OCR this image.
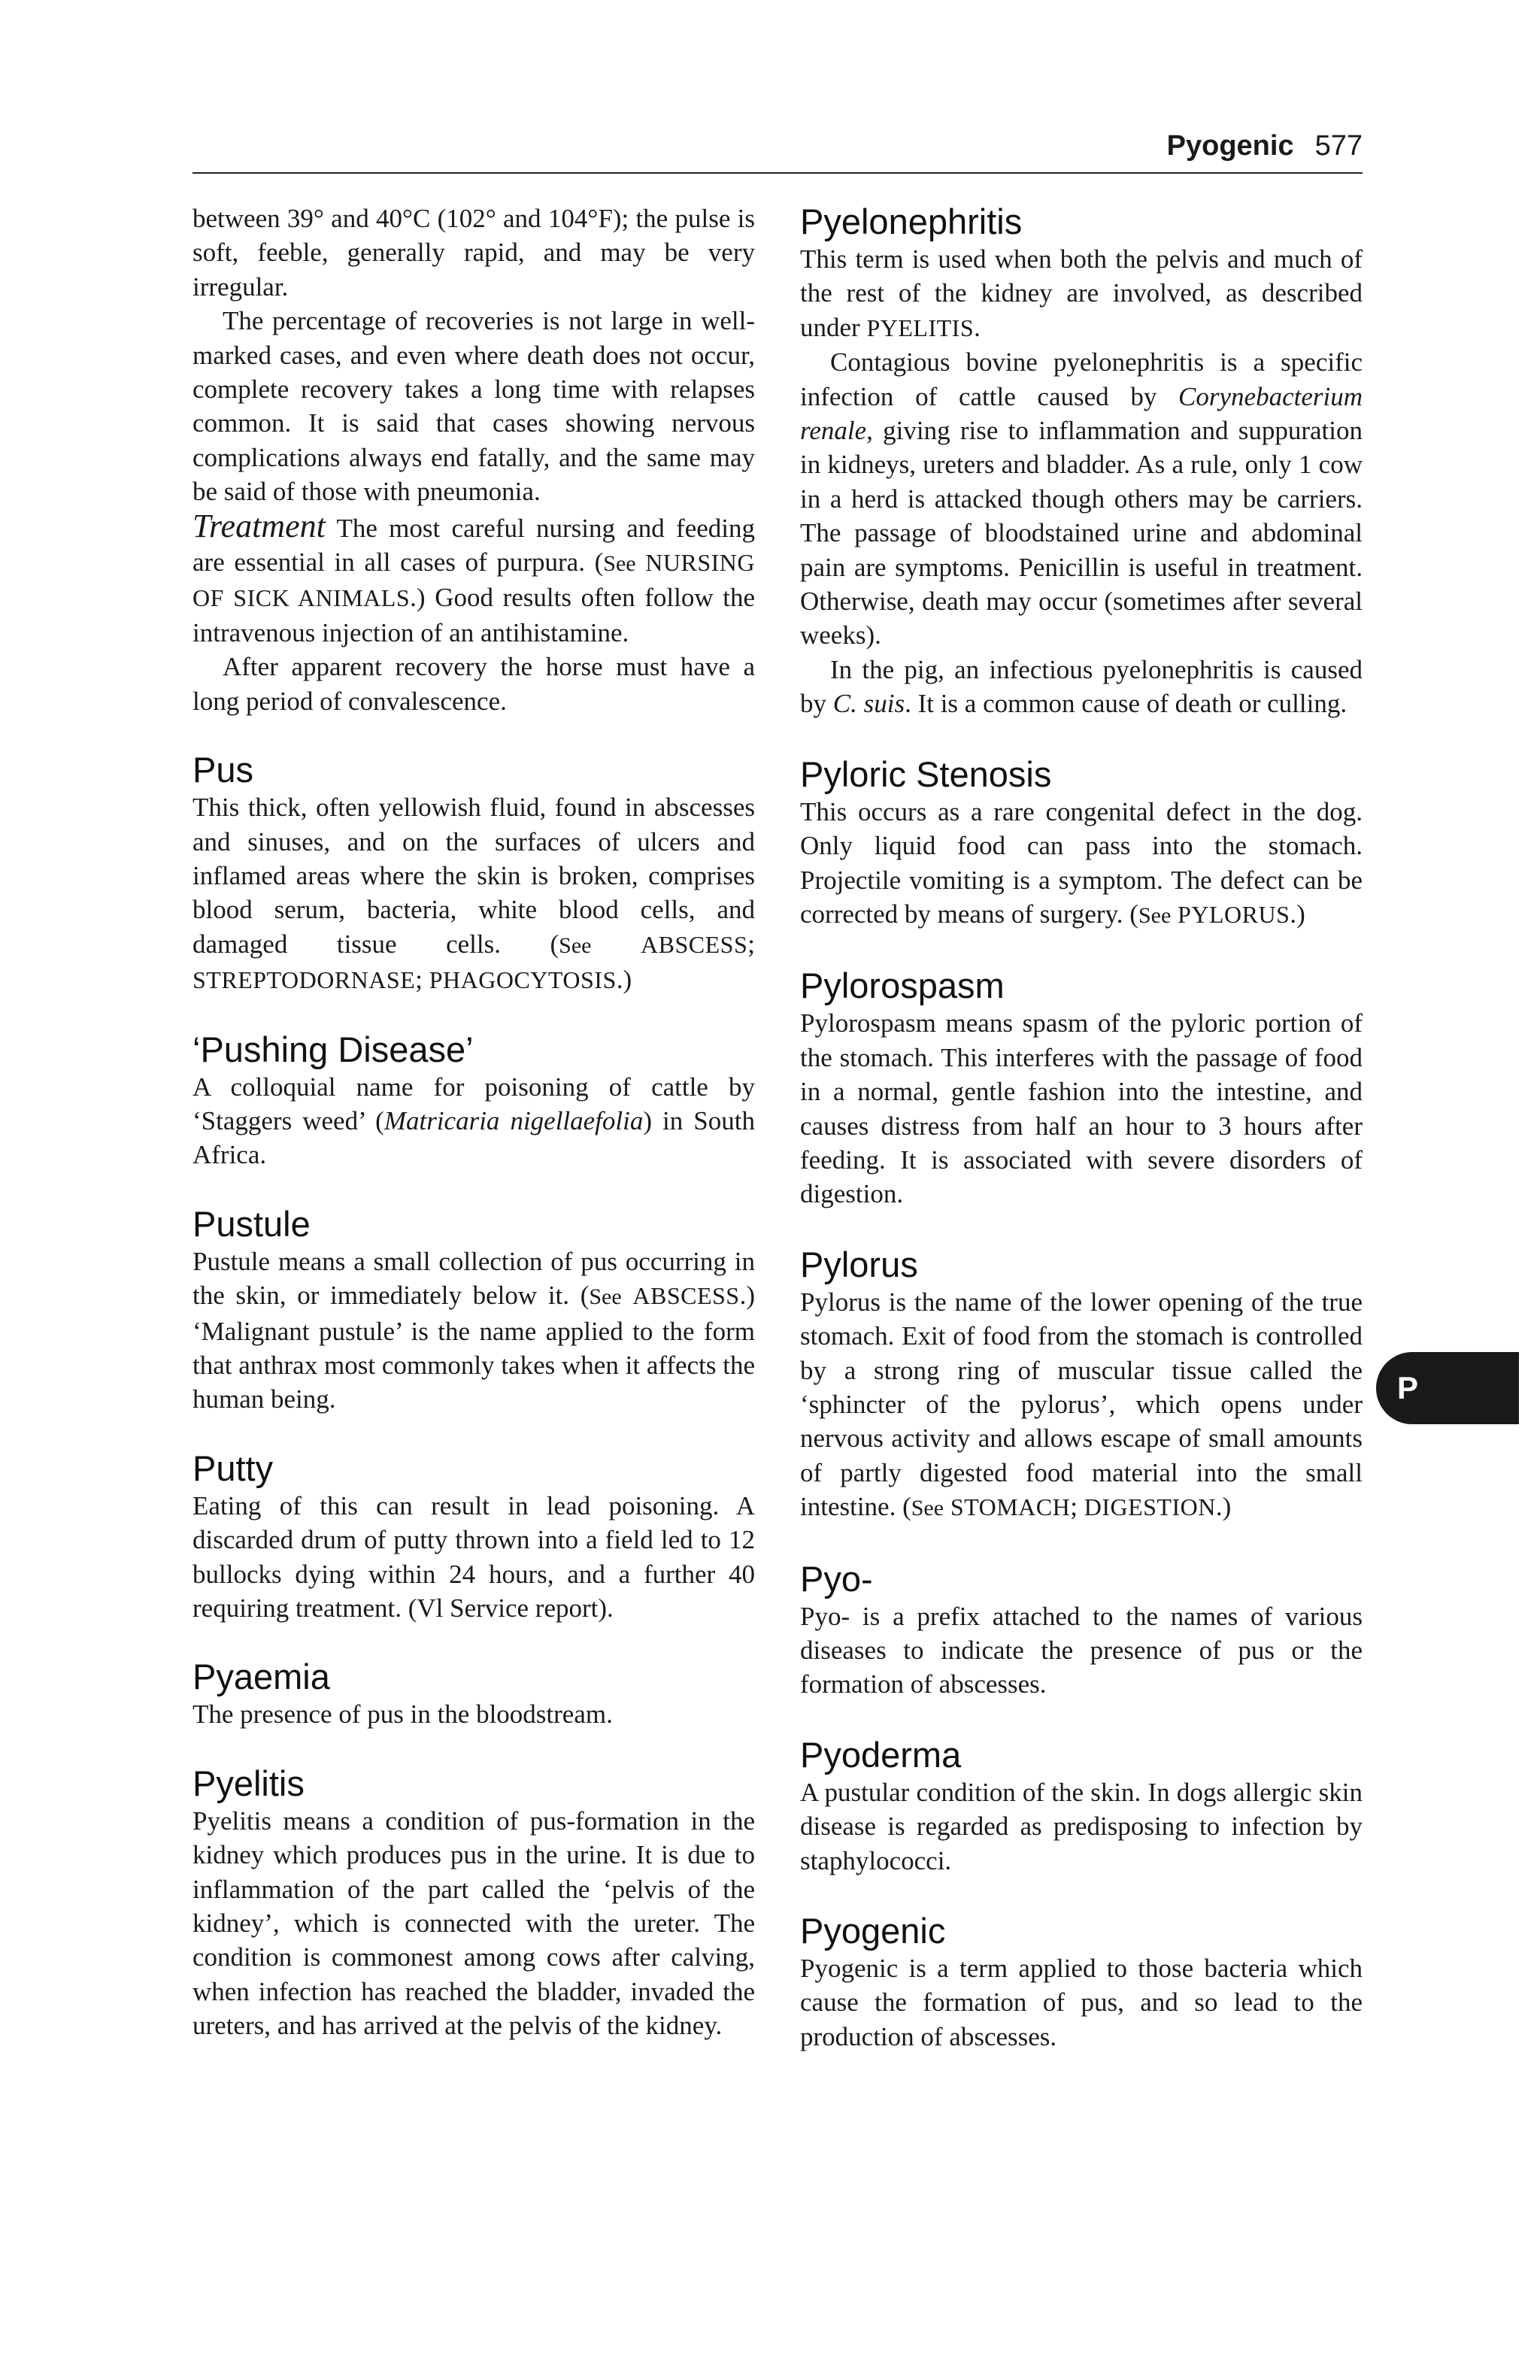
Pyogenic 577

between 39° and 40°C (102° and 104°F); the pulse is soft, feeble, generally rapid, and may be very irregular.

The percentage of recoveries is not large in well-marked cases, and even where death does not occur, complete recovery takes a long time with relapses common. It is said that cases showing nervous complications always end fatally, and the same may be said of those with pneumonia.

Treatment The most careful nursing and feeding are essential in all cases of purpura. (See NURSING OF SICK ANIMALS.) Good results often follow the intravenous injection of an antihistamine.

After apparent recovery the horse must have a long period of convalescence.

Pus

This thick, often yellowish fluid, found in abscesses and sinuses, and on the surfaces of ulcers and inflamed areas where the skin is broken, comprises blood serum, bacteria, white blood cells, and damaged tissue cells. (See ABSCESS; STREPTODORNASE; PHAGOCYTOSIS.)

‘Pushing Disease’

A colloquial name for poisoning of cattle by ‘Staggers weed’ (Matricaria nigellaefolia) in South Africa.

Pustule

Pustule means a small collection of pus occurring in the skin, or immediately below it. (See ABSCESS.) ‘Malignant pustule’ is the name applied to the form that anthrax most commonly takes when it affects the human being.

Putty

Eating of this can result in lead poisoning. A discarded drum of putty thrown into a field led to 12 bullocks dying within 24 hours, and a further 40 requiring treatment. (Vl Service report).

Pyaemia

The presence of pus in the bloodstream.

Pyelitis

Pyelitis means a condition of pus-formation in the kidney which produces pus in the urine. It is due to inflammation of the part called the ‘pelvis of the kidney’, which is connected with the ureter. The condition is commonest among cows after calving, when infection has reached the bladder, invaded the ureters, and has arrived at the pelvis of the kidney.

Pyelonephritis

This term is used when both the pelvis and much of the rest of the kidney are involved, as described under PYELITIS.

Contagious bovine pyelonephritis is a specific infection of cattle caused by Corynebacterium renale, giving rise to inflammation and suppuration in kidneys, ureters and bladder. As a rule, only 1 cow in a herd is attacked though others may be carriers. The passage of bloodstained urine and abdominal pain are symptoms. Penicillin is useful in treatment. Otherwise, death may occur (sometimes after several weeks).

In the pig, an infectious pyelonephritis is caused by C. suis. It is a common cause of death or culling.

Pyloric Stenosis

This occurs as a rare congenital defect in the dog. Only liquid food can pass into the stomach. Projectile vomiting is a symptom. The defect can be corrected by means of surgery. (See PYLORUS.)

Pylorospasm

Pylorospasm means spasm of the pyloric portion of the stomach. This interferes with the passage of food in a normal, gentle fashion into the intestine, and causes distress from half an hour to 3 hours after feeding. It is associated with severe disorders of digestion.

Pylorus

Pylorus is the name of the lower opening of the true stomach. Exit of food from the stomach is controlled by a strong ring of muscular tissue called the ‘sphincter of the pylorus’, which opens under nervous activity and allows escape of small amounts of partly digested food material into the small intestine. (See STOMACH; DIGESTION.)

Pyo-

Pyo- is a prefix attached to the names of various diseases to indicate the presence of pus or the formation of abscesses.

Pyoderma

A pustular condition of the skin. In dogs allergic skin disease is regarded as predisposing to infection by staphylococci.

Pyogenic

Pyogenic is a term applied to those bacteria which cause the formation of pus, and so lead to the production of abscesses.

P
